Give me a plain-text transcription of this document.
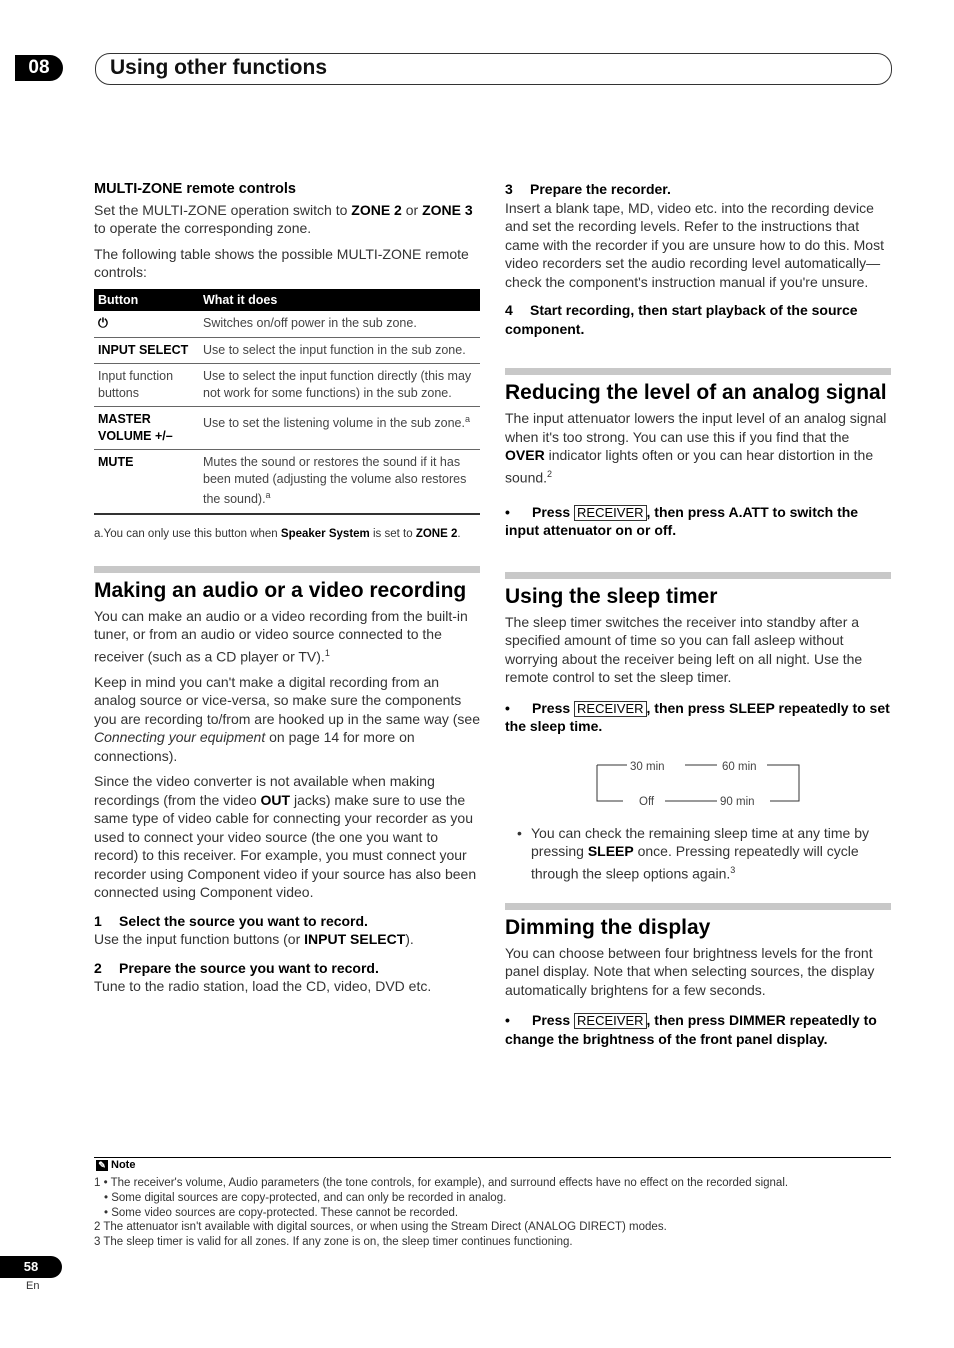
08	Using other functions

MULTI-ZONE remote controls

Set the MULTI-ZONE operation switch to ZONE 2 or ZONE 3 to operate the corresponding zone.

The following table shows the possible MULTI-ZONE remote controls:

Button	What it does
⏻	Switches on/off power in the sub zone.
INPUT SELECT	Use to select the input function in the sub zone.
Input function buttons	Use to select the input function directly (this may not work for some functions) in the sub zone.
MASTER VOLUME +/–	Use to set the listening volume in the sub zone.$^a$
MUTE	Mutes the sound or restores the sound if it has been muted (adjusting the volume also restores the sound).$^a$

a.You can only use this button when Speaker System is set to ZONE 2.

Making an audio or a video recording

You can make an audio or a video recording from the built-in tuner, or from an audio or video source connected to the receiver (such as a CD player or TV).$^1$

Keep in mind you can't make a digital recording from an analog source or vice-versa, so make sure the components you are recording to/from are hooked up in the same way (see Connecting your equipment on page 14 for more on connections).

Since the video converter is not available when making recordings (from the video OUT jacks) make sure to use the same type of video cable for connecting your recorder as you used to connect your video source (the one you want to record) to this receiver. For example, you must connect your recorder using Component video if your source has also been connected using Component video.

1 Select the source you want to record.

Use the input function buttons (or INPUT SELECT).

2 Prepare the source you want to record.

Tune to the radio station, load the CD, video, DVD etc.

3 Prepare the recorder.

Insert a blank tape, MD, video etc. into the recording device and set the recording levels. Refer to the instructions that came with the recorder if you are unsure how to do this. Most video recorders set the audio recording level automatically—check the component's instruction manual if you're unsure.

4 Start recording, then start playback of the source component.

Reducing the level of an analog signal

The input attenuator lowers the input level of an analog signal when it's too strong. You can use this if you find that the OVER indicator lights often or you can hear distortion in the sound.$^2$

• Press RECEIVER , then press A.ATT to switch the input attenuator on or off.

Using the sleep timer

The sleep timer switches the receiver into standby after a specified amount of time so you can fall asleep without worrying about the receiver being left on all night. Use the remote control to set the sleep timer.

• Press RECEIVER , then press SLEEP repeatedly to set the sleep time.

30 min	60 min
90 min
Off
• You can check the remaining sleep time at any time by pressing SLEEP once. Pressing repeatedly will cycle through the sleep options again.$^3$
Dimming the display

You can choose between four brightness levels for the front panel display. Note that when selecting sources, the display automatically brightens for a few seconds.

• Press RECEIVER , then press DIMMER repeatedly to change the brightness of the front panel display.

✎ Note
1 • The receiver's volume, Audio parameters (the tone controls, for example), and surround effects have no effect on the recorded signal.
• Some digital sources are copy-protected, and can only be recorded in analog.
• Some video sources are copy-protected. These cannot be recorded.
2 The attenuator isn't available with digital sources, or when using the Stream Direct (ANALOG DIRECT) modes.
3 The sleep timer is valid for all zones. If any zone is on, the sleep timer continues functioning.
58
En
